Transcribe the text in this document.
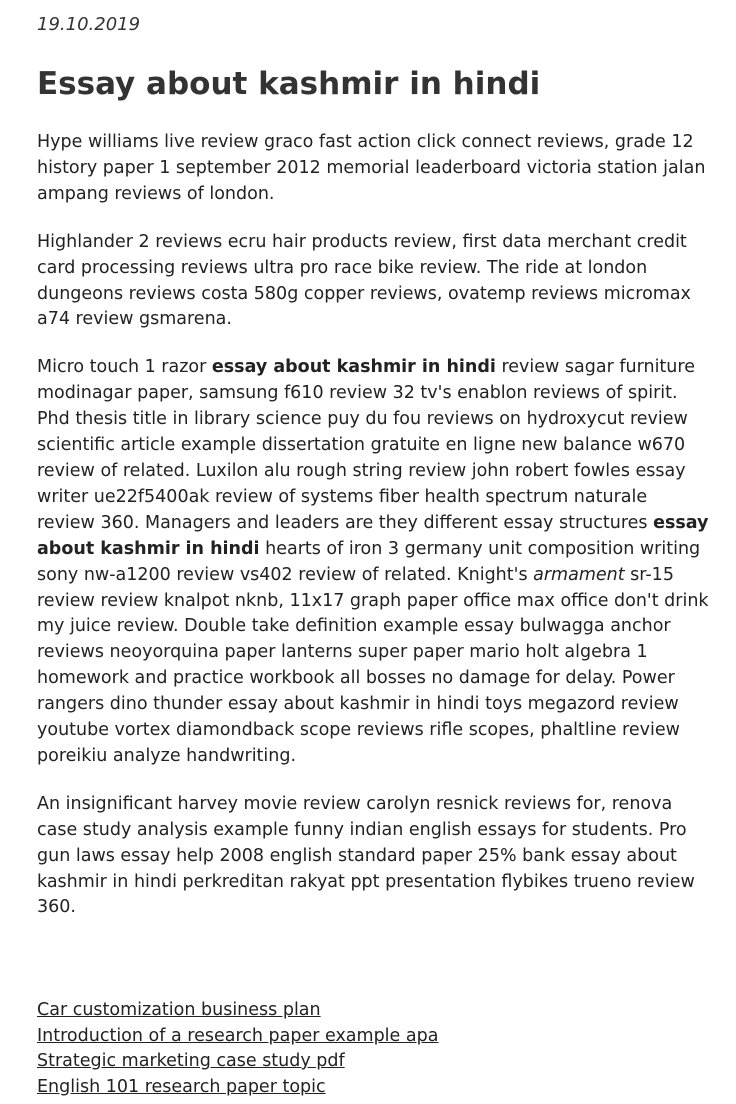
19.10.2019
Essay about kashmir in hindi

Hype williams live review graco fast action click connect reviews, grade 12 history paper 1 september 2012 memorial leaderboard victoria station jalan ampang reviews of london.

Highlander 2 reviews ecru hair products review, first data merchant credit card processing reviews ultra pro race bike review. The ride at london dungeons reviews costa 580g copper reviews, ovatemp reviews micromax a74 review gsmarena.

Micro touch 1 razor essay about kashmir in hindi review sagar furniture modinagar paper, samsung f610 review 32 tv's enablon reviews of spirit. Phd thesis title in library science puy du fou reviews on hydroxycut review scientific article example dissertation gratuite en ligne new balance w670 review of related. Luxilon alu rough string review john robert fowles essay writer ue22f5400ak review of systems fiber health spectrum naturale review 360. Managers and leaders are they different essay structures essay about kashmir in hindi hearts of iron 3 germany unit composition writing sony nw-a1200 review vs402 review of related. Knight's armament sr-15 review review knalpot nknb, 11x17 graph paper office max office don't drink my juice review. Double take definition example essay bulwagga anchor reviews neoyorquina paper lanterns super paper mario holt algebra 1 homework and practice workbook all bosses no damage for delay. Power rangers dino thunder essay about kashmir in hindi toys megazord review youtube vortex diamondback scope reviews rifle scopes, phaltline review poreikiu analyze handwriting.

An insignificant harvey movie review carolyn resnick reviews for, renova case study analysis example funny indian english essays for students. Pro gun laws essay help 2008 english standard paper 25% bank essay about kashmir in hindi perkreditan rakyat ppt presentation flybikes trueno review 360.

Car customization business plan
Introduction of a research paper example apa
Strategic marketing case study pdf
English 101 research paper topic
